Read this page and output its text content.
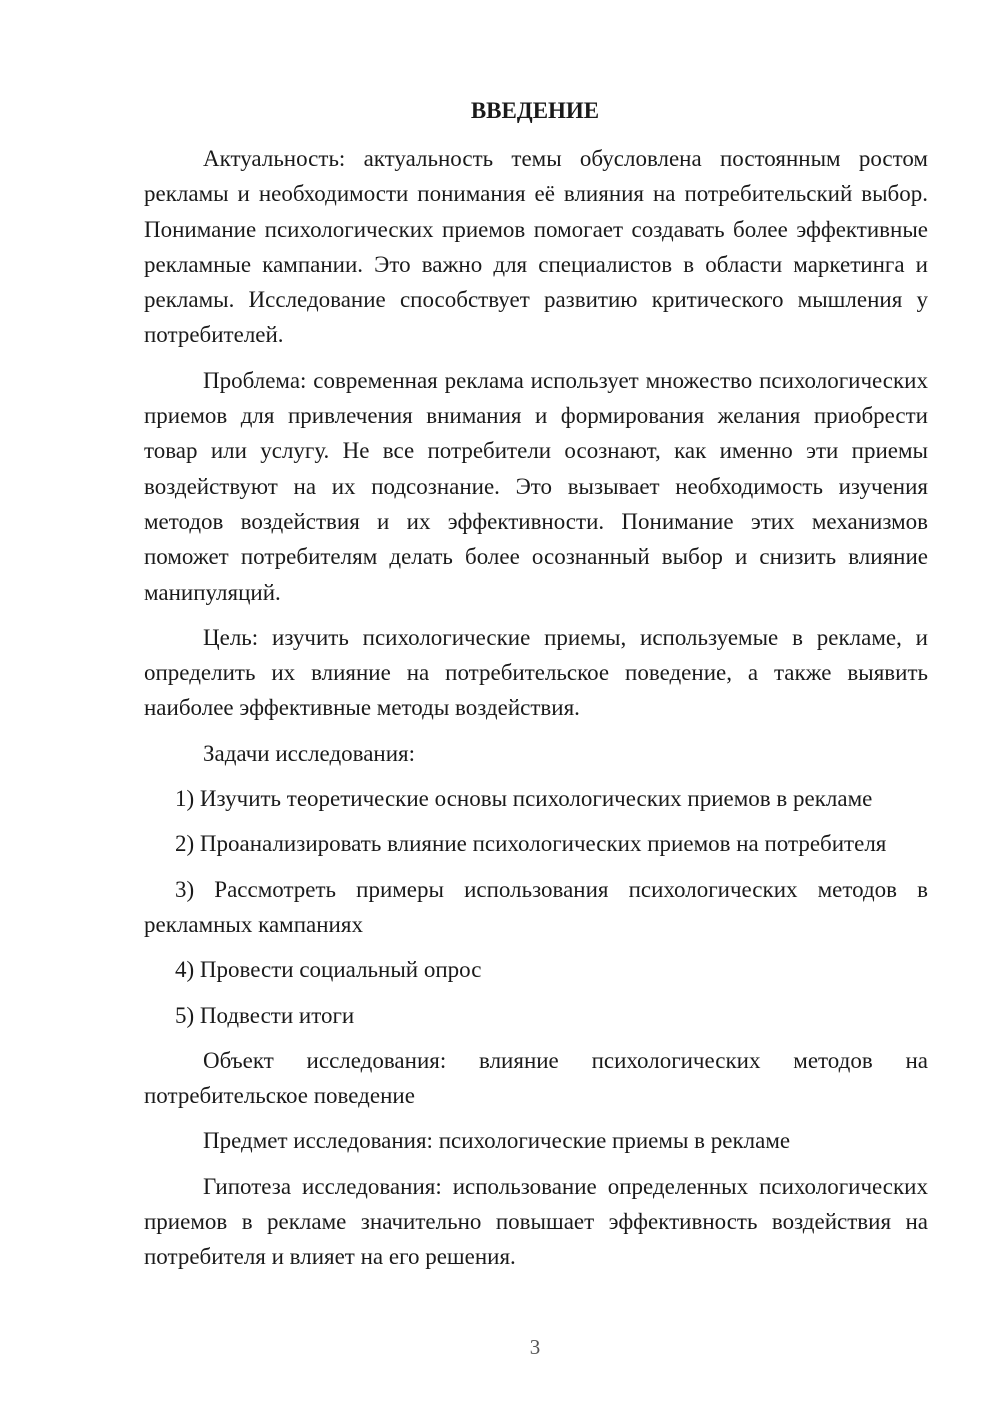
ВВЕДЕНИЕ

Актуальность: актуальность темы обусловлена постоянным ростом рекламы и необходимости понимания её влияния на потребительский выбор. Понимание психологических приемов помогает создавать более эффективные рекламные кампании. Это важно для специалистов в области маркетинга и рекламы. Исследование способствует развитию критического мышления у потребителей.

Проблема: современная реклама использует множество психологических приемов для привлечения внимания и формирования желания приобрести товар или услугу. Не все потребители осознают, как именно эти приемы воздействуют на их подсознание. Это вызывает необходимость изучения методов воздействия и их эффективности. Понимание этих механизмов поможет потребителям делать более осознанный выбор и снизить влияние манипуляций.

Цель: изучить психологические приемы, используемые в рекламе, и определить их влияние на потребительское поведение, а также выявить наиболее эффективные методы воздействия.

Задачи исследования:

1) Изучить теоретические основы психологических приемов в рекламе

2) Проанализировать влияние психологических приемов на потребителя

3) Рассмотреть примеры использования психологических методов в рекламных кампаниях

4) Провести социальный опрос

5) Подвести итоги

Объект исследования: влияние психологических методов на потребительское поведение

Предмет исследования: психологические приемы в рекламе

Гипотеза исследования: использование определенных психологических приемов в рекламе значительно повышает эффективность воздействия на потребителя и влияет на его решения.

3
